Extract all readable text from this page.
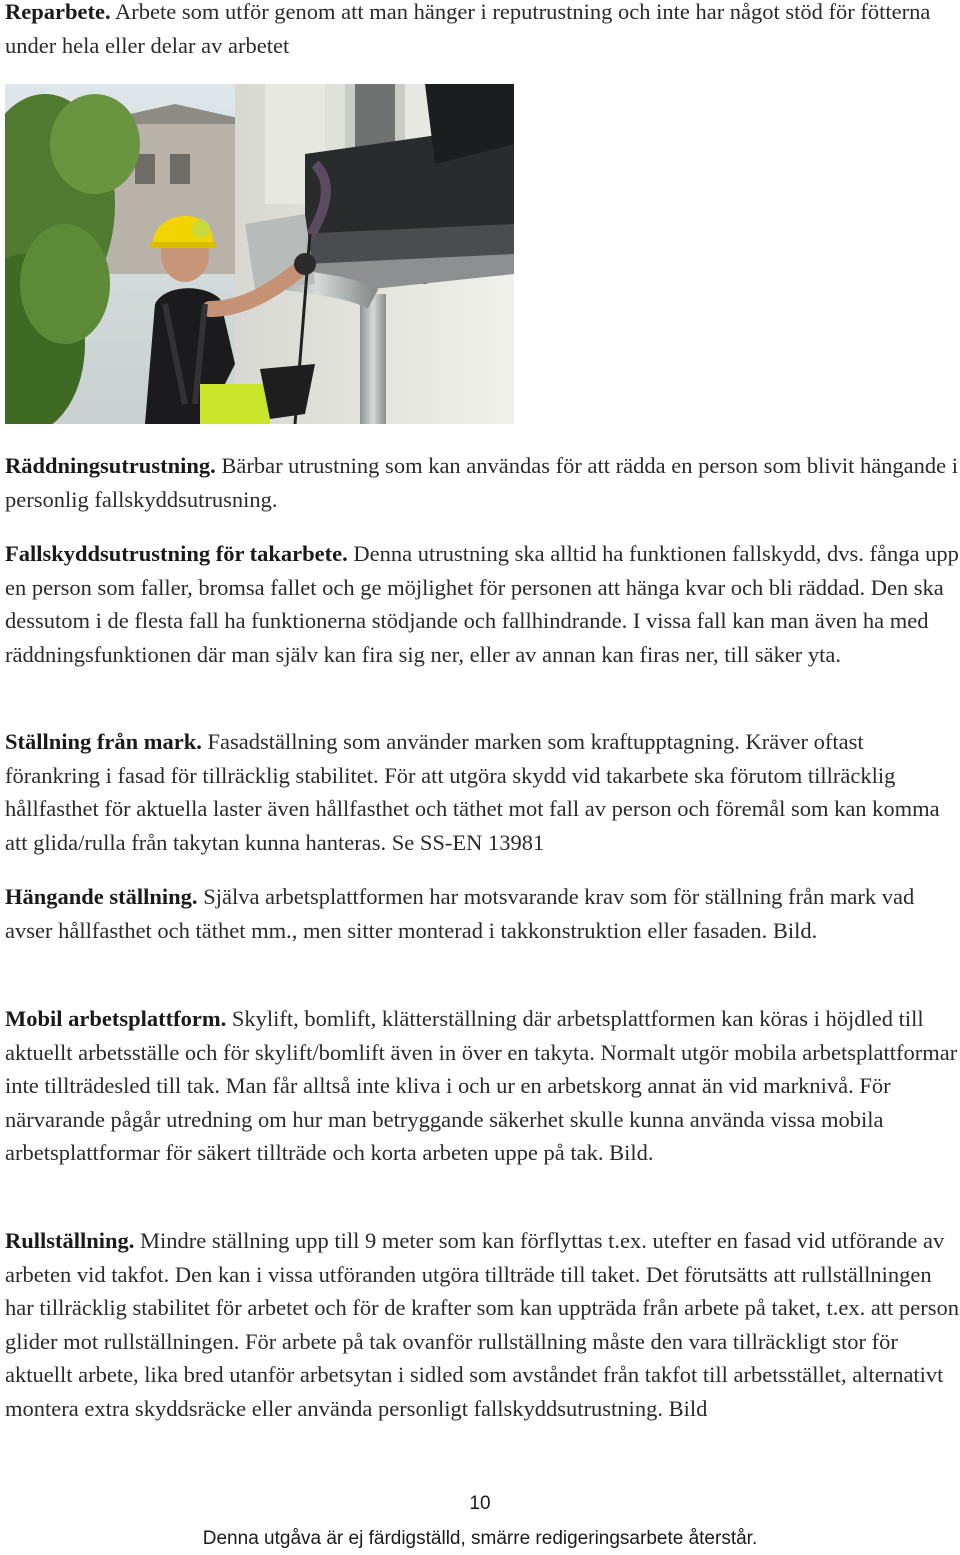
Reparbete. Arbete som utför genom att man hänger i reputrustning och inte har något stöd för fötterna under hela eller delar av arbetet

Räddningsutrustning. Bärbar utrustning som kan användas för att rädda en person som blivit hängande i personlig fallskyddsutrusning.

Fallskyddsutrustning för takarbete. Denna utrustning ska alltid ha funktionen fallskydd, dvs. fånga upp en person som faller, bromsa fallet och ge möjlighet för personen att hänga kvar och bli räddad. Den ska dessutom i de flesta fall ha funktionerna stödjande och fallhindrande. I vissa fall kan man även ha med räddningsfunktionen där man själv kan fira sig ner, eller av annan kan firas ner, till säker yta.

Ställning från mark. Fasadställning som använder marken som kraftupptagning. Kräver oftast förankring i fasad för tillräcklig stabilitet. För att utgöra skydd vid takarbete ska förutom tillräcklig hållfasthet för aktuella laster även hållfasthet och täthet mot fall av person och föremål som kan komma att glida/rulla från takytan kunna hanteras. Se SS-EN 13981

Hängande ställning. Själva arbetsplattformen har motsvarande krav som för ställning från mark vad avser hållfasthet och täthet mm., men sitter monterad i takkonstruktion eller fasaden. Bild.

Mobil arbetsplattform. Skylift, bomlift, klätterställning där arbetsplattformen kan köras i höjdled till aktuellt arbetsställe och för skylift/bomlift även in över en takyta. Normalt utgör mobila arbetsplattformar inte tillträdesled till tak. Man får alltså inte kliva i och ur en arbetskorg annat än vid marknivå. För närvarande pågår utredning om hur man betryggande säkerhet skulle kunna använda vissa mobila arbetsplattformar för säkert tillträde och korta arbeten uppe på tak. Bild.

Rullställning. Mindre ställning upp till 9 meter som kan förflyttas t.ex. utefter en fasad vid utförande av arbeten vid takfot. Den kan i vissa utföranden utgöra tillträde till taket. Det förutsätts att rullställningen har tillräcklig stabilitet för arbetet och för de krafter som kan uppträda från arbete på taket, t.ex. att person glider mot rullställningen. För arbete på tak ovanför rullställning måste den vara tillräckligt stor för aktuellt arbete, lika bred utanför arbetsytan i sidled som avståndet från takfot till arbetsstället, alternativt montera extra skyddsräcke eller använda personligt fallskyddsutrustning. Bild

10
Denna utgåva är ej färdigställd, smärre redigeringsarbete återstår.
